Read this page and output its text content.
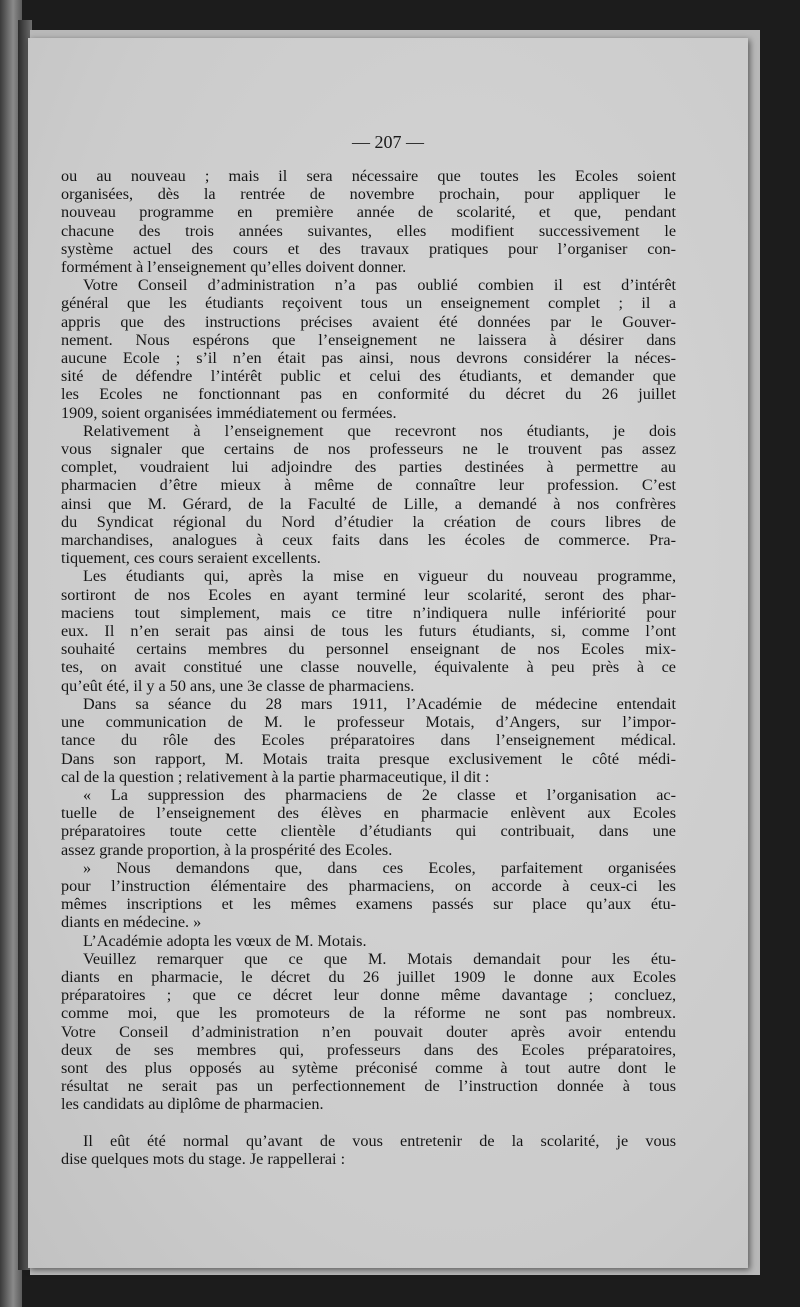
— 207 —
ou au nouveau ; mais il sera nécessaire que toutes les Ecoles soient
organisées, dès la rentrée de novembre prochain, pour appliquer le
nouveau programme en première année de scolarité, et que, pendant
chacune des trois années suivantes, elles modifient successivement le
système actuel des cours et des travaux pratiques pour l’organiser con-
formément à l’enseignement qu’elles doivent donner.
Votre Conseil d’administration n’a pas oublié combien il est d’intérêt
général que les étudiants reçoivent tous un enseignement complet ; il a
appris que des instructions précises avaient été données par le Gouver-
nement. Nous espérons que l’enseignement ne laissera à désirer dans
aucune Ecole ; s’il n’en était pas ainsi, nous devrons considérer la néces-
sité de défendre l’intérêt public et celui des étudiants, et demander que
les Ecoles ne fonctionnant pas en conformité du décret du 26 juillet
1909, soient organisées immédiatement ou fermées.
Relativement à l’enseignement que recevront nos étudiants, je dois
vous signaler que certains de nos professeurs ne le trouvent pas assez
complet, voudraient lui adjoindre des parties destinées à permettre au
pharmacien d’être mieux à même de connaître leur profession. C’est
ainsi que M. Gérard, de la Faculté de Lille, a demandé à nos confrères
du Syndicat régional du Nord d’étudier la création de cours libres de
marchandises, analogues à ceux faits dans les écoles de commerce. Pra-
tiquement, ces cours seraient excellents.
Les étudiants qui, après la mise en vigueur du nouveau programme,
sortiront de nos Ecoles en ayant terminé leur scolarité, seront des phar-
maciens tout simplement, mais ce titre n’indiquera nulle infériorité pour
eux. Il n’en serait pas ainsi de tous les futurs étudiants, si, comme l’ont
souhaité certains membres du personnel enseignant de nos Ecoles mix-
tes, on avait constitué une classe nouvelle, équivalente à peu près à ce
qu’eût été, il y a 50 ans, une 3e classe de pharmaciens.
Dans sa séance du 28 mars 1911, l’Académie de médecine entendait
une communication de M. le professeur Motais, d’Angers, sur l’impor-
tance du rôle des Ecoles préparatoires dans l’enseignement médical.
Dans son rapport, M. Motais traita presque exclusivement le côté médi-
cal de la question ; relativement à la partie pharmaceutique, il dit :
« La suppression des pharmaciens de 2e classe et l’organisation ac-
tuelle de l’enseignement des élèves en pharmacie enlèvent aux Ecoles
préparatoires toute cette clientèle d’étudiants qui contribuait, dans une
assez grande proportion, à la prospérité des Ecoles.
» Nous demandons que, dans ces Ecoles, parfaitement organisées
pour l’instruction élémentaire des pharmaciens, on accorde à ceux-ci les
mêmes inscriptions et les mêmes examens passés sur place qu’aux étu-
diants en médecine. »
L’Académie adopta les vœux de M. Motais.
Veuillez remarquer que ce que M. Motais demandait pour les étu-
diants en pharmacie, le décret du 26 juillet 1909 le donne aux Ecoles
préparatoires ; que ce décret leur donne même davantage ; concluez,
comme moi, que les promoteurs de la réforme ne sont pas nombreux.
Votre Conseil d’administration n’en pouvait douter après avoir entendu
deux de ses membres qui, professeurs dans des Ecoles préparatoires,
sont des plus opposés au sytème préconisé comme à tout autre dont le
résultat ne serait pas un perfectionnement de l’instruction donnée à tous
les candidats au diplôme de pharmacien.
Il eût été normal qu’avant de vous entretenir de la scolarité, je vous
dise quelques mots du stage. Je rappellerai :
